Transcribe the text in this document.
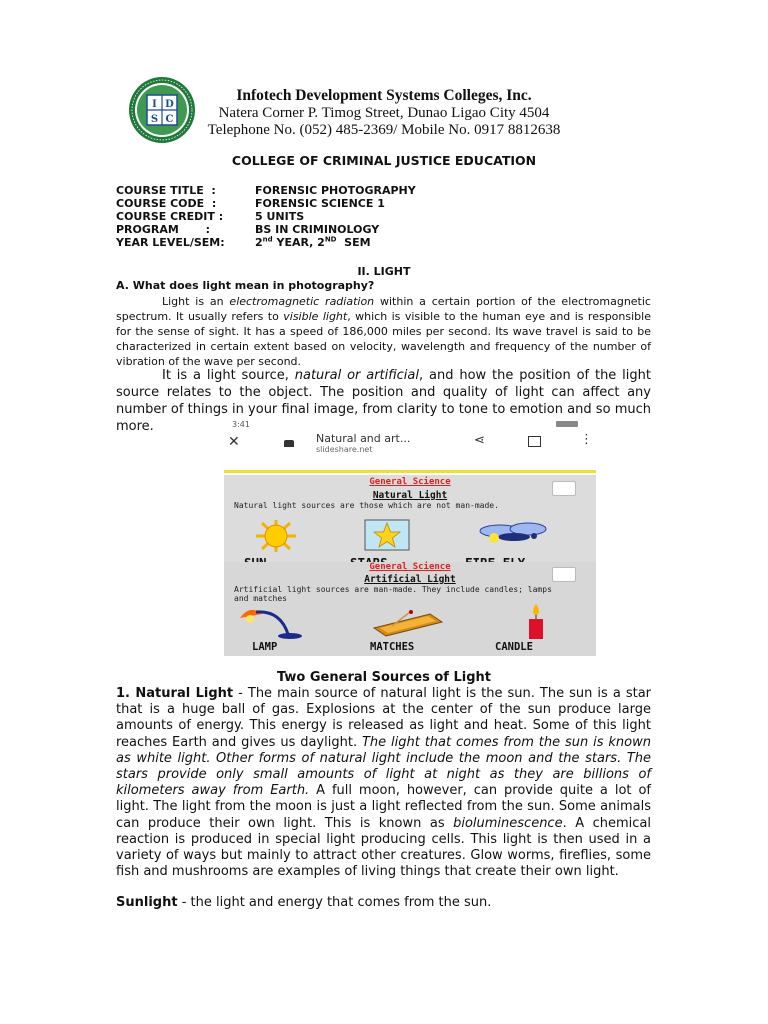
I D
S C
Infotech Development Systems Colleges, Inc.
Natera Corner P. Timog Street, Dunao Ligao City 4504
Telephone No. (052) 485-2369/ Mobile No. 0917 8812638
COLLEGE OF CRIMINAL JUSTICE EDUCATION
COURSE TITLE  :	FORENSIC PHOTOGRAPHY
COURSE CODE  :	FORENSIC SCIENCE 1
COURSE CREDIT :	5 UNITS
PROGRAM       :	BS IN CRIMINOLOGY
YEAR LEVEL/SEM:	2nd YEAR, 2ND  SEM
II. LIGHT
A. What does light mean in photography?
Light is an electromagnetic radiation within a certain portion of the electromagnetic spectrum. It usually refers to visible light, which is visible to the human eye and is responsible for the sense of sight. It has a speed of 186,000 miles per second. Its wave travel is said to be characterized in certain extent based on velocity, wavelength and frequency of the number of vibration of the wave per second.
It is a light source, natural or artificial, and how the position of the light source relates to the object. The position and quality of light can affect any number of things in your final image, from clarity to tone to emotion and so much more.	3:41
✕	Natural and art...
slideshare.net
⋖	⋮
General Science
Natural Light
Natural light sources are those which are not man-made.
General Science
Artificial Light
Artificial light sources are man-made. They include candles; lamps and matches
LAMP	MATCHES	CANDLE
Two General Sources of Light
1. Natural Light - The main source of natural light is the sun. The sun is a star that is a huge ball of gas. Explosions at the center of the sun produce large amounts of energy. This energy is released as light and heat. Some of this light reaches Earth and gives us daylight. The light that comes from the sun is known as white light. Other forms of natural light include the moon and the stars. The stars provide only small amounts of light at night as they are billions of kilometers away from Earth. A full moon, however, can provide quite a lot of light. The light from the moon is just a light reflected from the sun. Some animals can produce their own light. This is known as bioluminescence. A chemical reaction is produced in special light producing cells. This light is then used in a variety of ways but mainly to attract other creatures. Glow worms, fireflies, some fish and mushrooms are examples of living things that create their own light.
Sunlight - the light and energy that comes from the sun.
